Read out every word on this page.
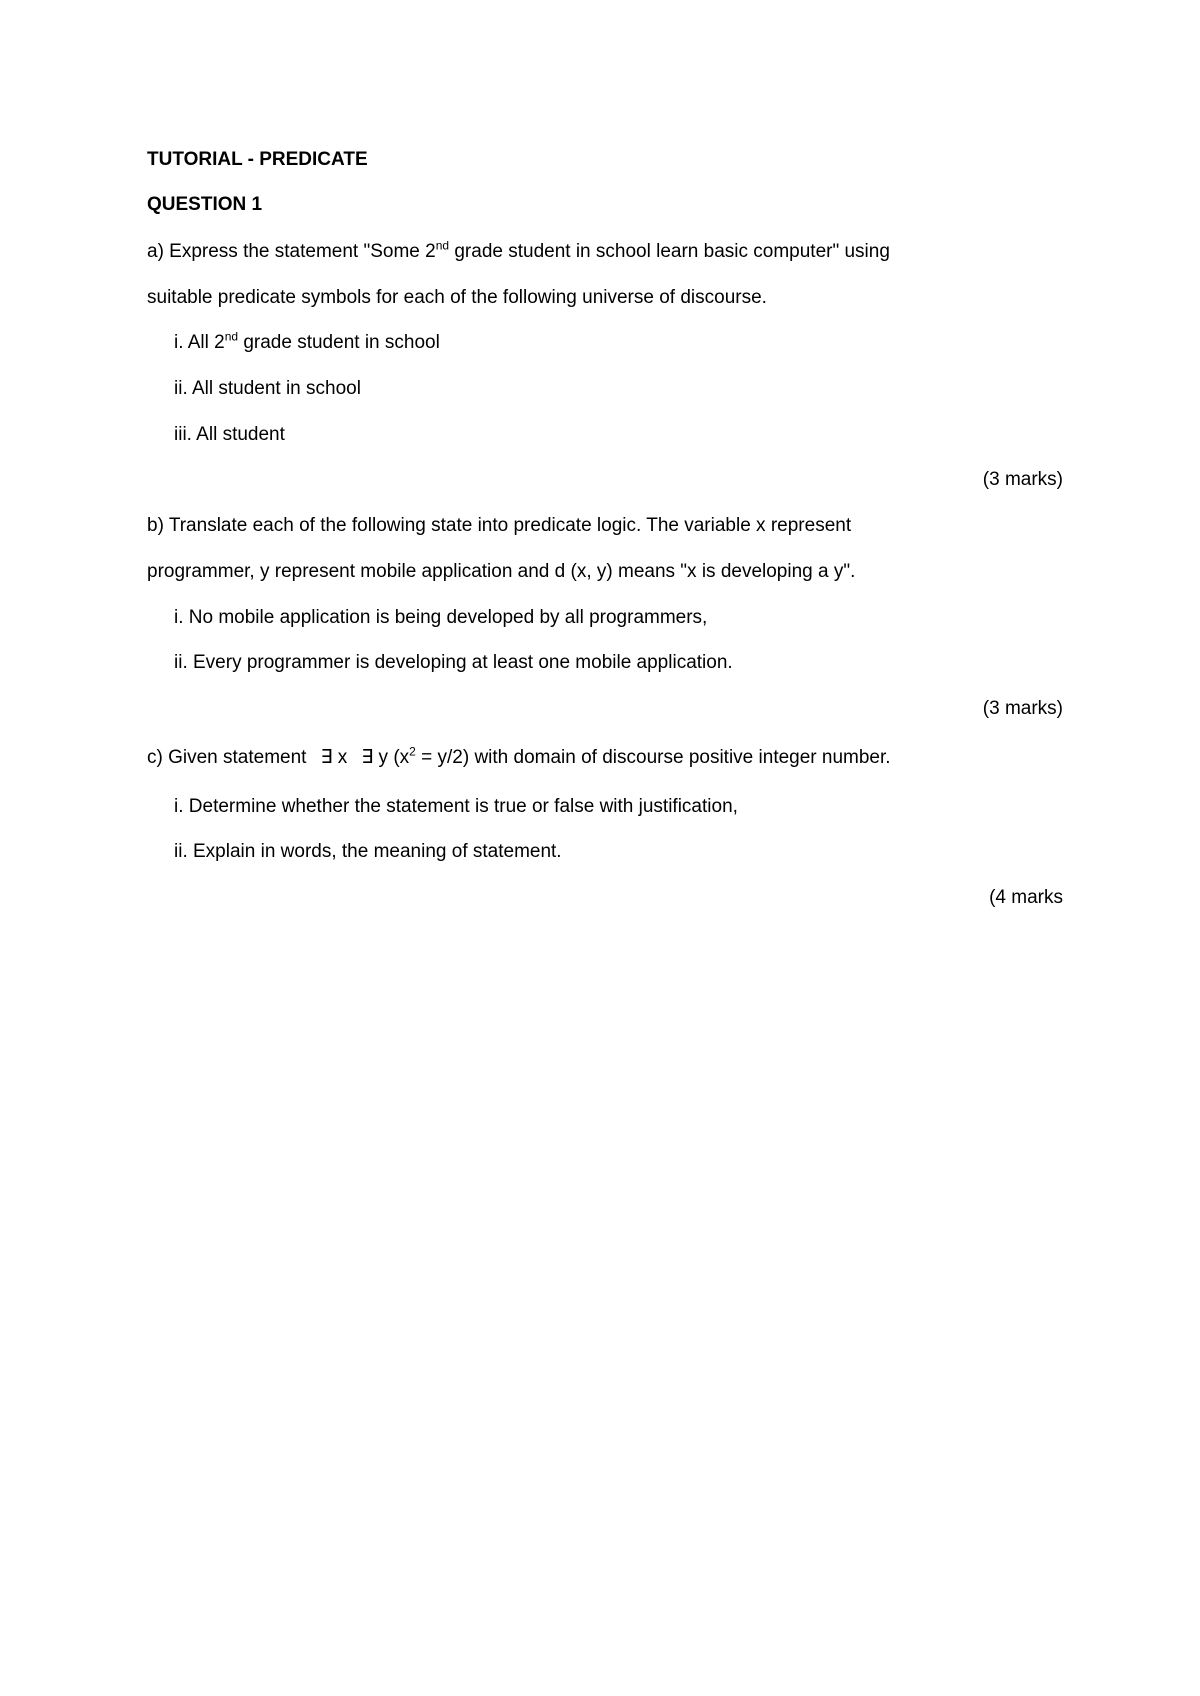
TUTORIAL - PREDICATE
QUESTION 1
a) Express the statement "Some 2nd grade student in school learn basic computer" using
suitable predicate symbols for each of the following universe of discourse.
i. All 2nd grade student in school
ii. All student in school
iii. All student
(3 marks)
b) Translate each of the following state into predicate logic. The variable x represent
programmer, y represent mobile application and d (x, y) means "x is developing a y".
i. No mobile application is being developed by all programmers,
ii. Every programmer is developing at least one mobile application.
(3 marks)
c) Given statement ∃ x ∃ y $(x^2 = y/2)$ with domain of discourse positive integer number.
i. Determine whether the statement is true or false with justification,
ii. Explain in words, the meaning of statement.
(4 marks
